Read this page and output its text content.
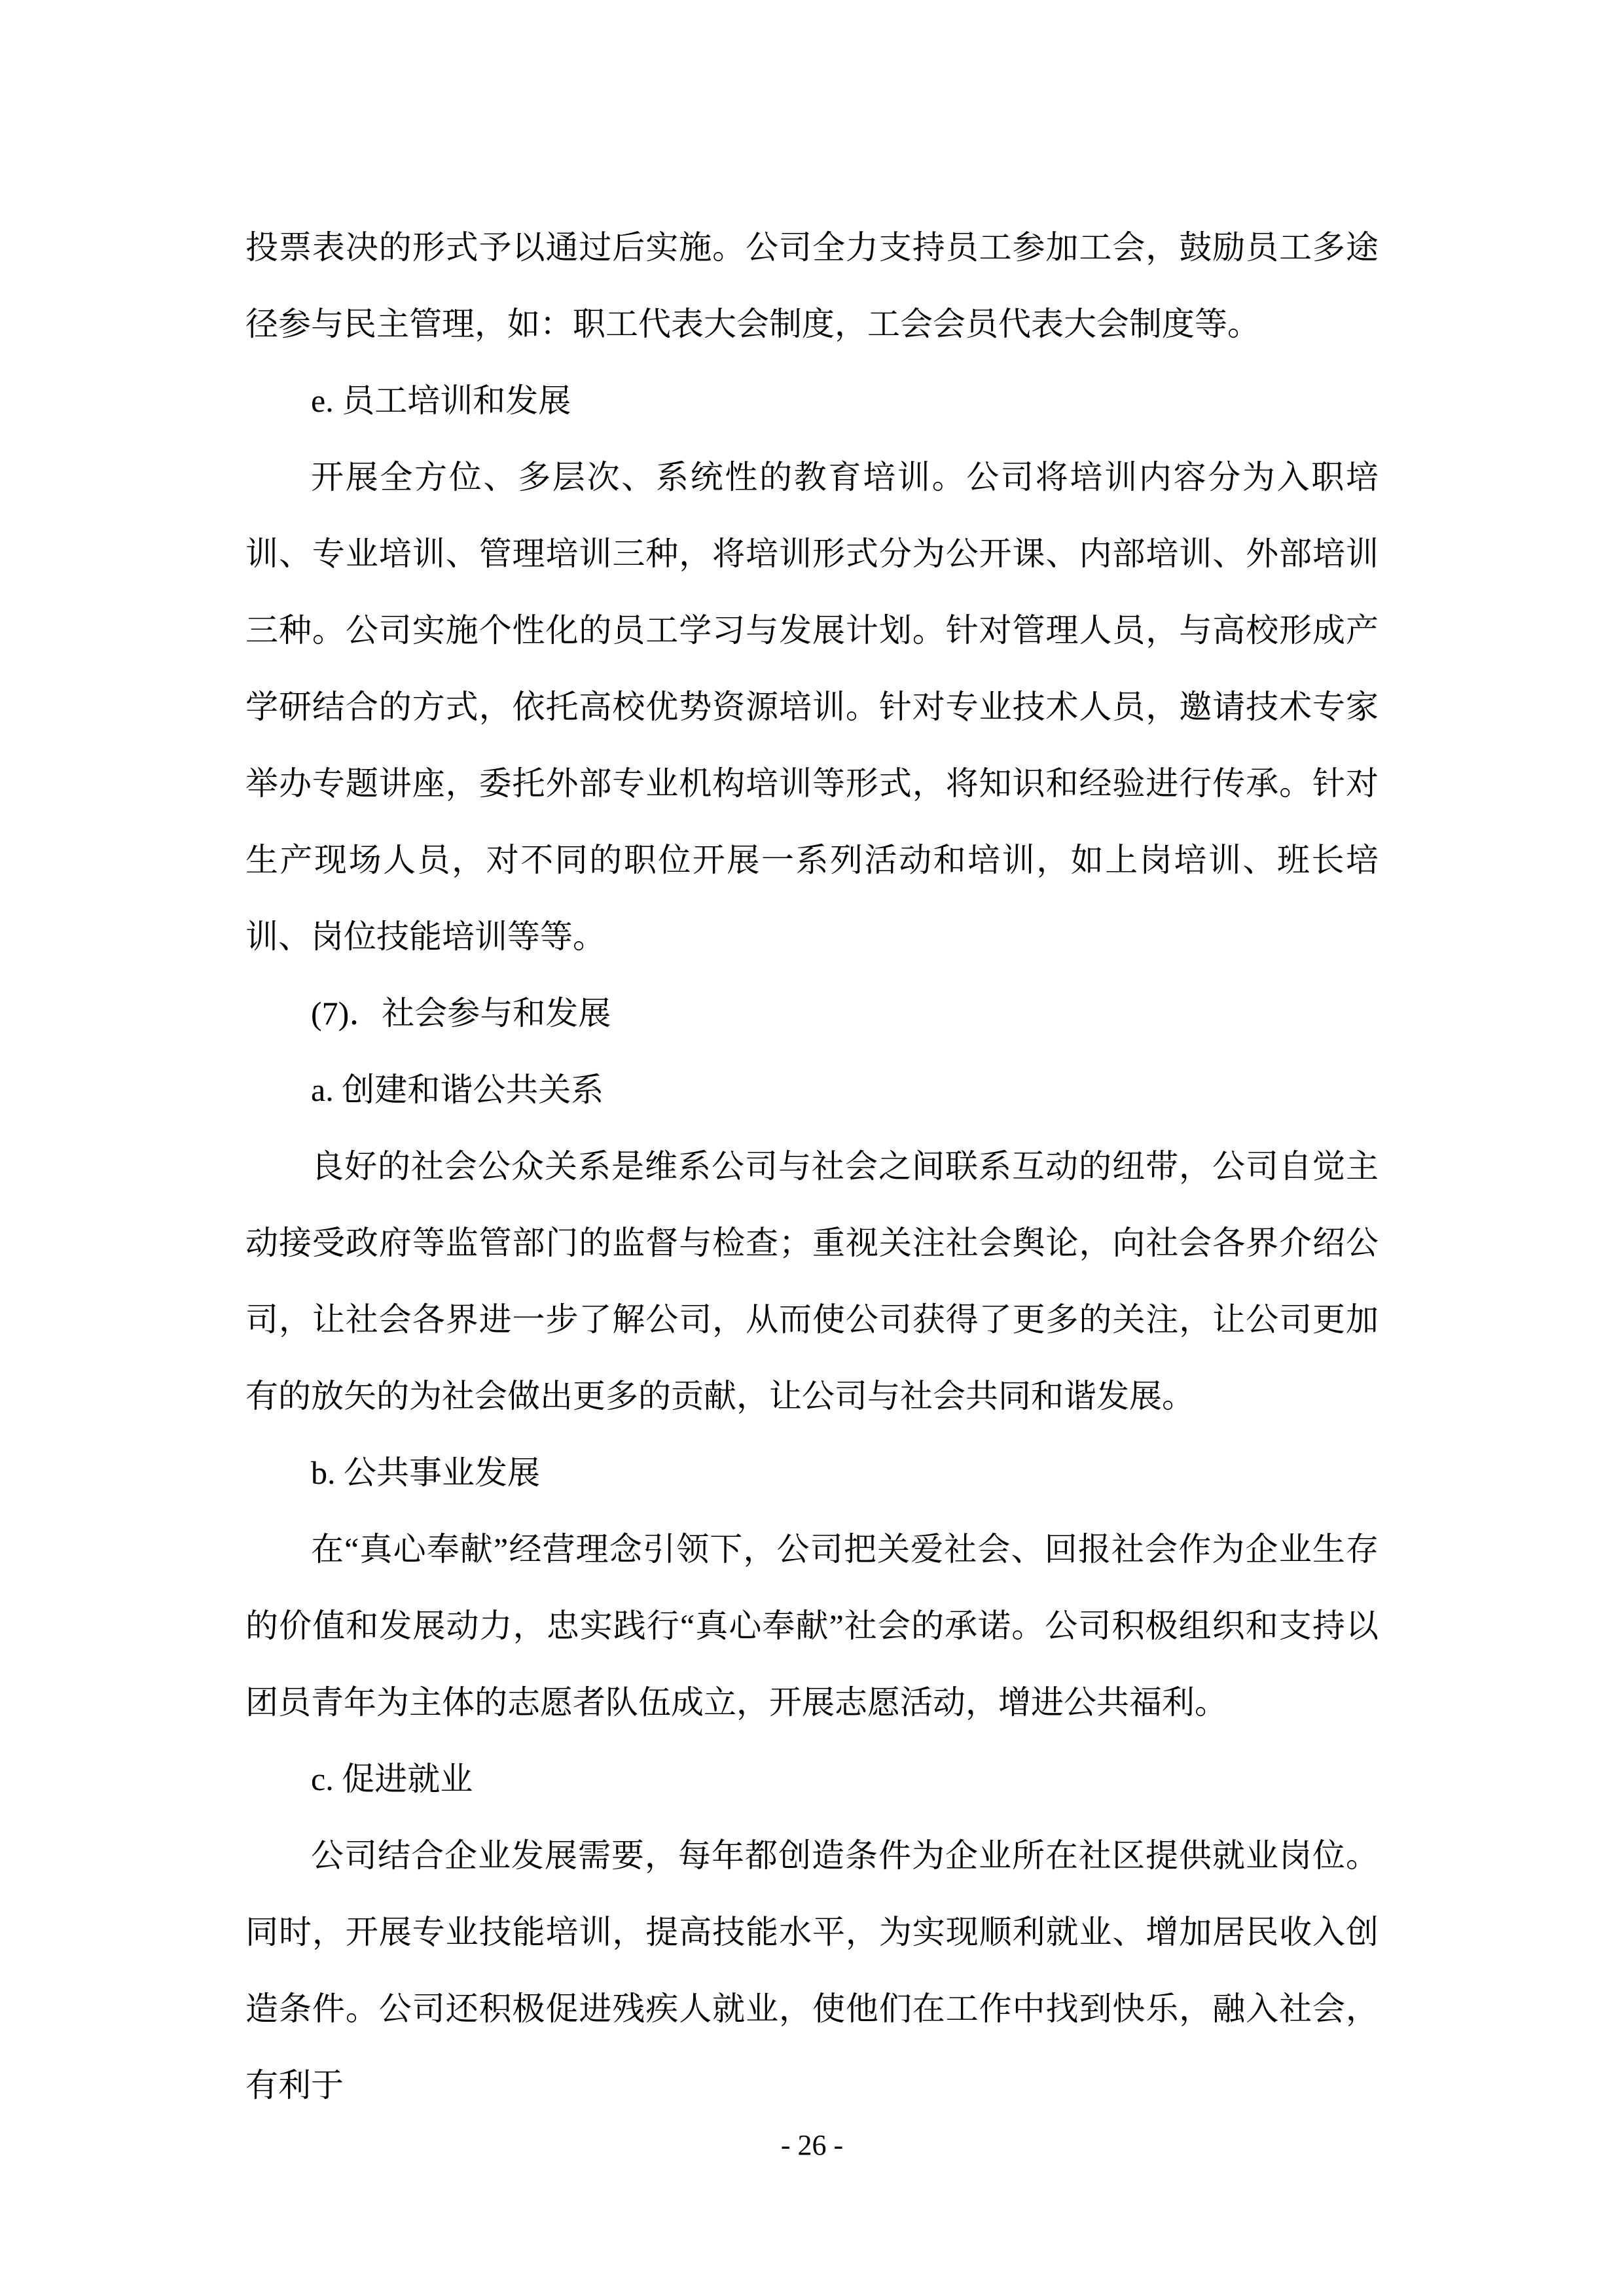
投票表决的形式予以通过后实施。公司全力支持员工参加工会，鼓励员工多途径参与民主管理，如：职工代表大会制度，工会会员代表大会制度等。

e. 员工培训和发展

开展全方位、多层次、系统性的教育培训。公司将培训内容分为入职培训、专业培训、管理培训三种，将培训形式分为公开课、内部培训、外部培训三种。公司实施个性化的员工学习与发展计划。针对管理人员，与高校形成产学研结合的方式，依托高校优势资源培训。针对专业技术人员，邀请技术专家举办专题讲座，委托外部专业机构培训等形式，将知识和经验进行传承。针对生产现场人员，对不同的职位开展一系列活动和培训，如上岗培训、班长培训、岗位技能培训等等。

(7)．社会参与和发展

a. 创建和谐公共关系

良好的社会公众关系是维系公司与社会之间联系互动的纽带，公司自觉主动接受政府等监管部门的监督与检查；重视关注社会舆论，向社会各界介绍公司，让社会各界进一步了解公司，从而使公司获得了更多的关注，让公司更加有的放矢的为社会做出更多的贡献，让公司与社会共同和谐发展。

b. 公共事业发展

在“真心奉献”经营理念引领下，公司把关爱社会、回报社会作为企业生存的价值和发展动力，忠实践行“真心奉献”社会的承诺。公司积极组织和支持以团员青年为主体的志愿者队伍成立，开展志愿活动，增进公共福利。

c. 促进就业

公司结合企业发展需要，每年都创造条件为企业所在社区提供就业岗位。同时，开展专业技能培训，提高技能水平，为实现顺利就业、增加居民收入创造条件。公司还积极促进残疾人就业，使他们在工作中找到快乐，融入社会，有利于

- 26 -
